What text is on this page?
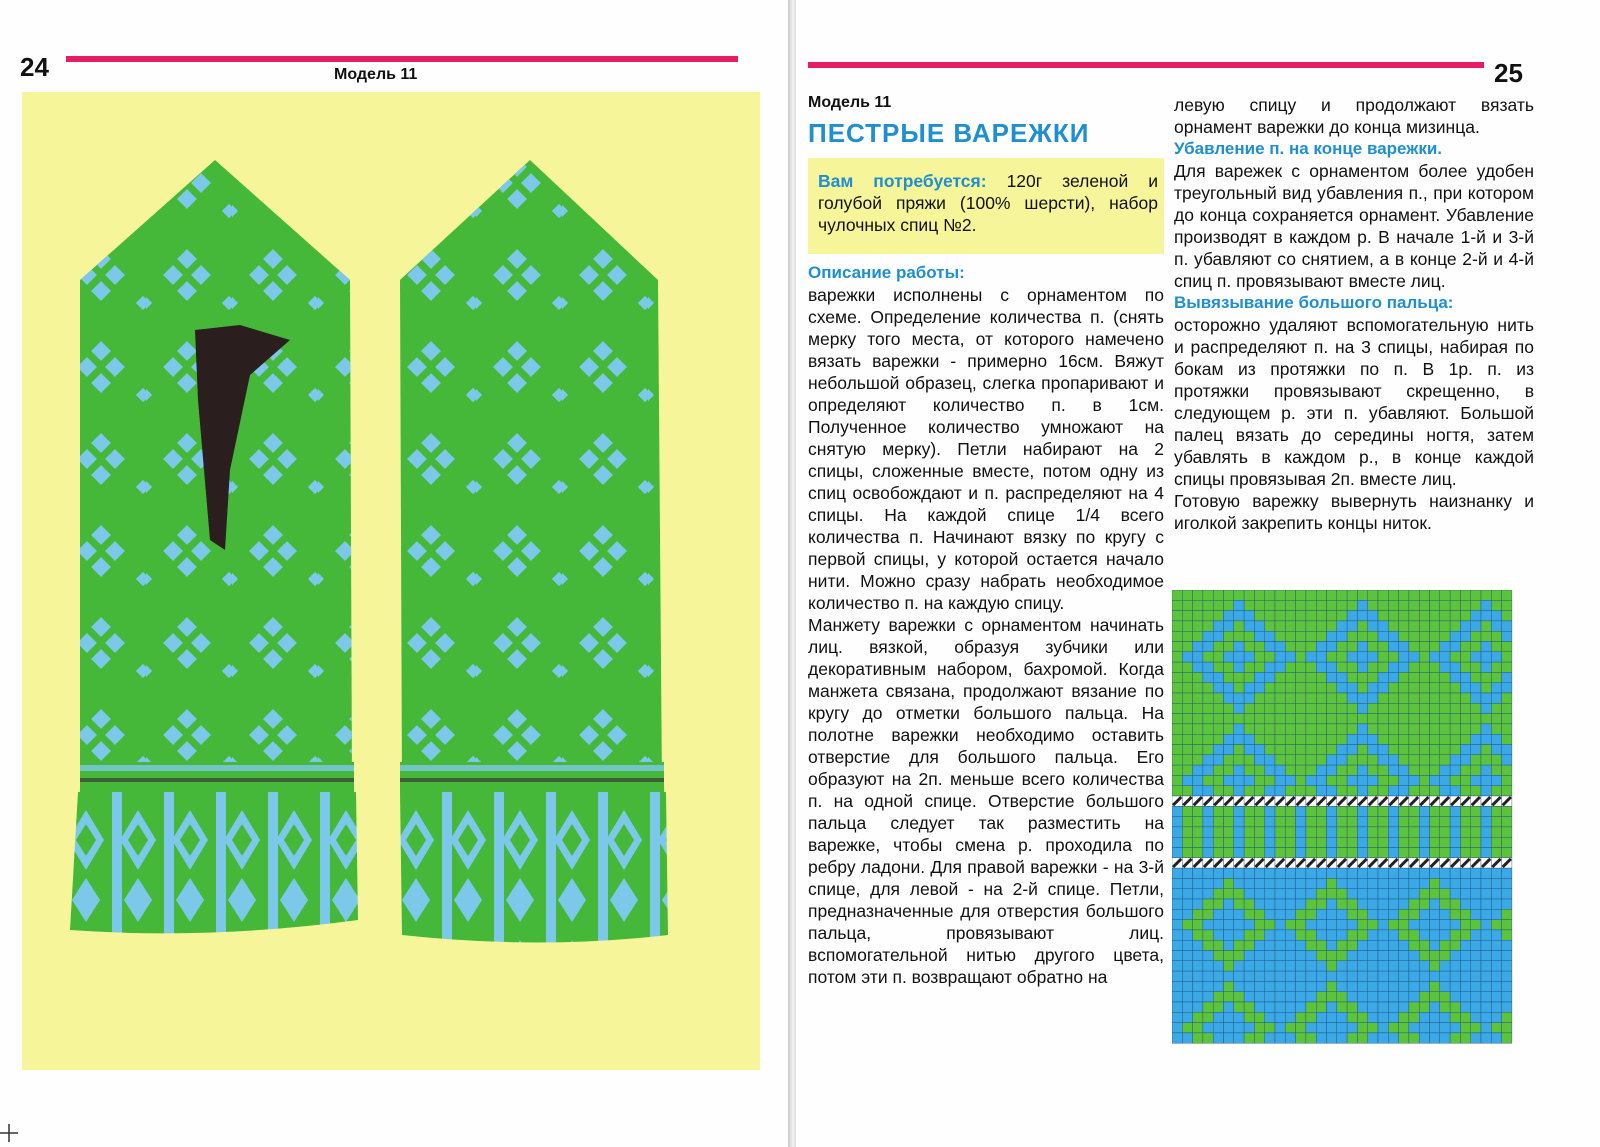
24	Модель 11	25
Модель 11
ПЕСТРЫЕ ВАРЕЖКИ
Вам потребуется: 120г зеленой и голубой пряжи (100% шерсти), набор чулочных спиц №2.

Описание работы:

варежки исполнены с орнаментом по схеме. Определение количества п. (снять мерку того места, от которого намечено вязать варежки - примерно 16см. Вяжут небольшой образец, слегка пропаривают и определяют количество п. в 1см. Полученное количество умножают на снятую мерку). Петли набирают на 2 спицы, сложенные вместе, потом одну из спиц освобождают и п. распределяют на 4 спицы. На каждой спице 1/4 всего количества п. Начинают вязку по кругу с первой спицы, у которой остается начало нити. Можно сразу набрать необходимое количество п. на каждую спицу.

Манжету варежки с орнаментом начинать лиц. вязкой, образуя зубчики или декоративным набором, бахромой. Когда манжета связана, продолжают вязание по кругу до отметки большого пальца. На полотне варежки необходимо оставить отверстие для большого пальца. Его образуют на 2п. меньше всего количества п. на одной спице. Отверстие большого пальца следует так разместить на варежке, чтобы смена р. проходила по ребру ладони. Для правой варежки - на 3-й спице, для левой - на 2-й спице. Петли, предназначенные для отверстия большого пальца, провязывают лиц. вспомогательной нитью другого цвета, потом эти п. возвращают обратно на

левую спицу и продолжают вязать орнамент варежки до конца мизинца.

Убавление п. на конце варежки.

Для варежек с орнаментом более удобен треугольный вид убавления п., при котором до конца сохраняется орнамент. Убавление производят в каждом р. В начале 1-й и 3-й п. убавляют со снятием, а в конце 2-й и 4-й спиц п. провязывают вместе лиц.

Вывязывание большого пальца:

осторожно удаляют вспомогательную нить и распределяют п. на 3 спицы, набирая по бокам из протяжки по п. В 1р. п. из протяжки провязывают скрещенно, в следующем р. эти п. убавляют. Большой палец вязать до середины ногтя, затем убавлять в каждом р., в конце каждой спицы провязывая 2п. вместе лиц.

Готовую варежку вывернуть наизнанку и иголкой закрепить концы ниток.
